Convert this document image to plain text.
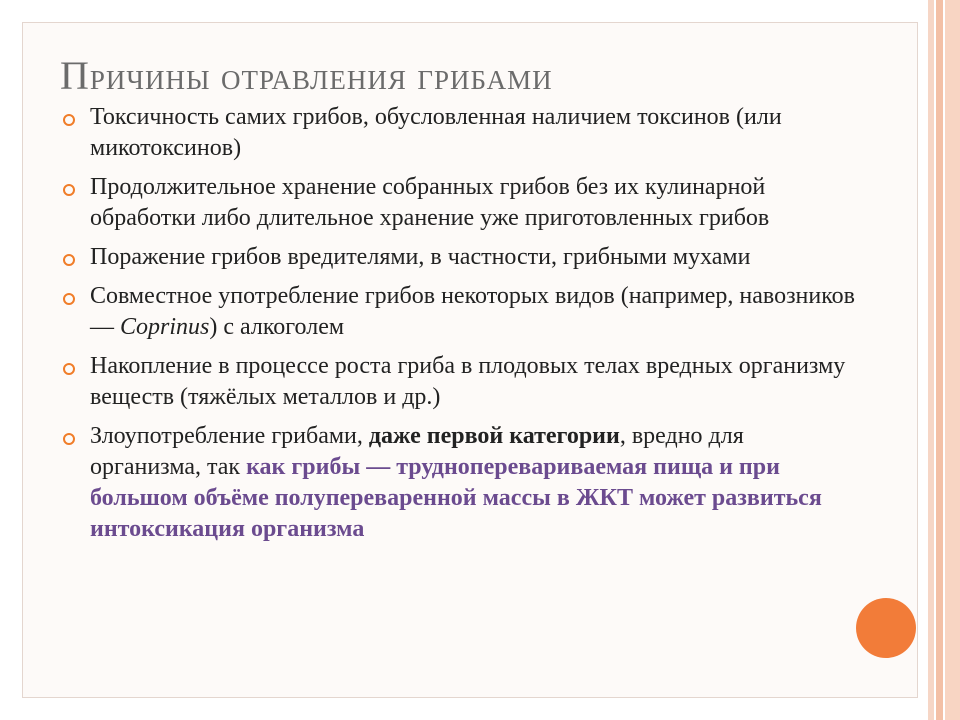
Причины отравления грибами
Токсичность самих грибов, обусловленная наличием токсинов (или микотоксинов)
Продолжительное хранение собранных грибов без их кулинарной обработки либо длительное хранение уже приготовленных грибов
Поражение грибов вредителями, в частности, грибными мухами
Совместное употребление грибов некоторых видов (например, навозников— Coprinus) с алкоголем
Накопление в процессе роста гриба в плодовых телах вредных организму веществ (тяжёлых металлов и др.)
Злоупотребление грибами, даже первой категории, вредно для организма, так как грибы — трудноперевариваемая пища и при большом объёме полупереваренной массы в ЖКТ может развиться интоксикация организма
